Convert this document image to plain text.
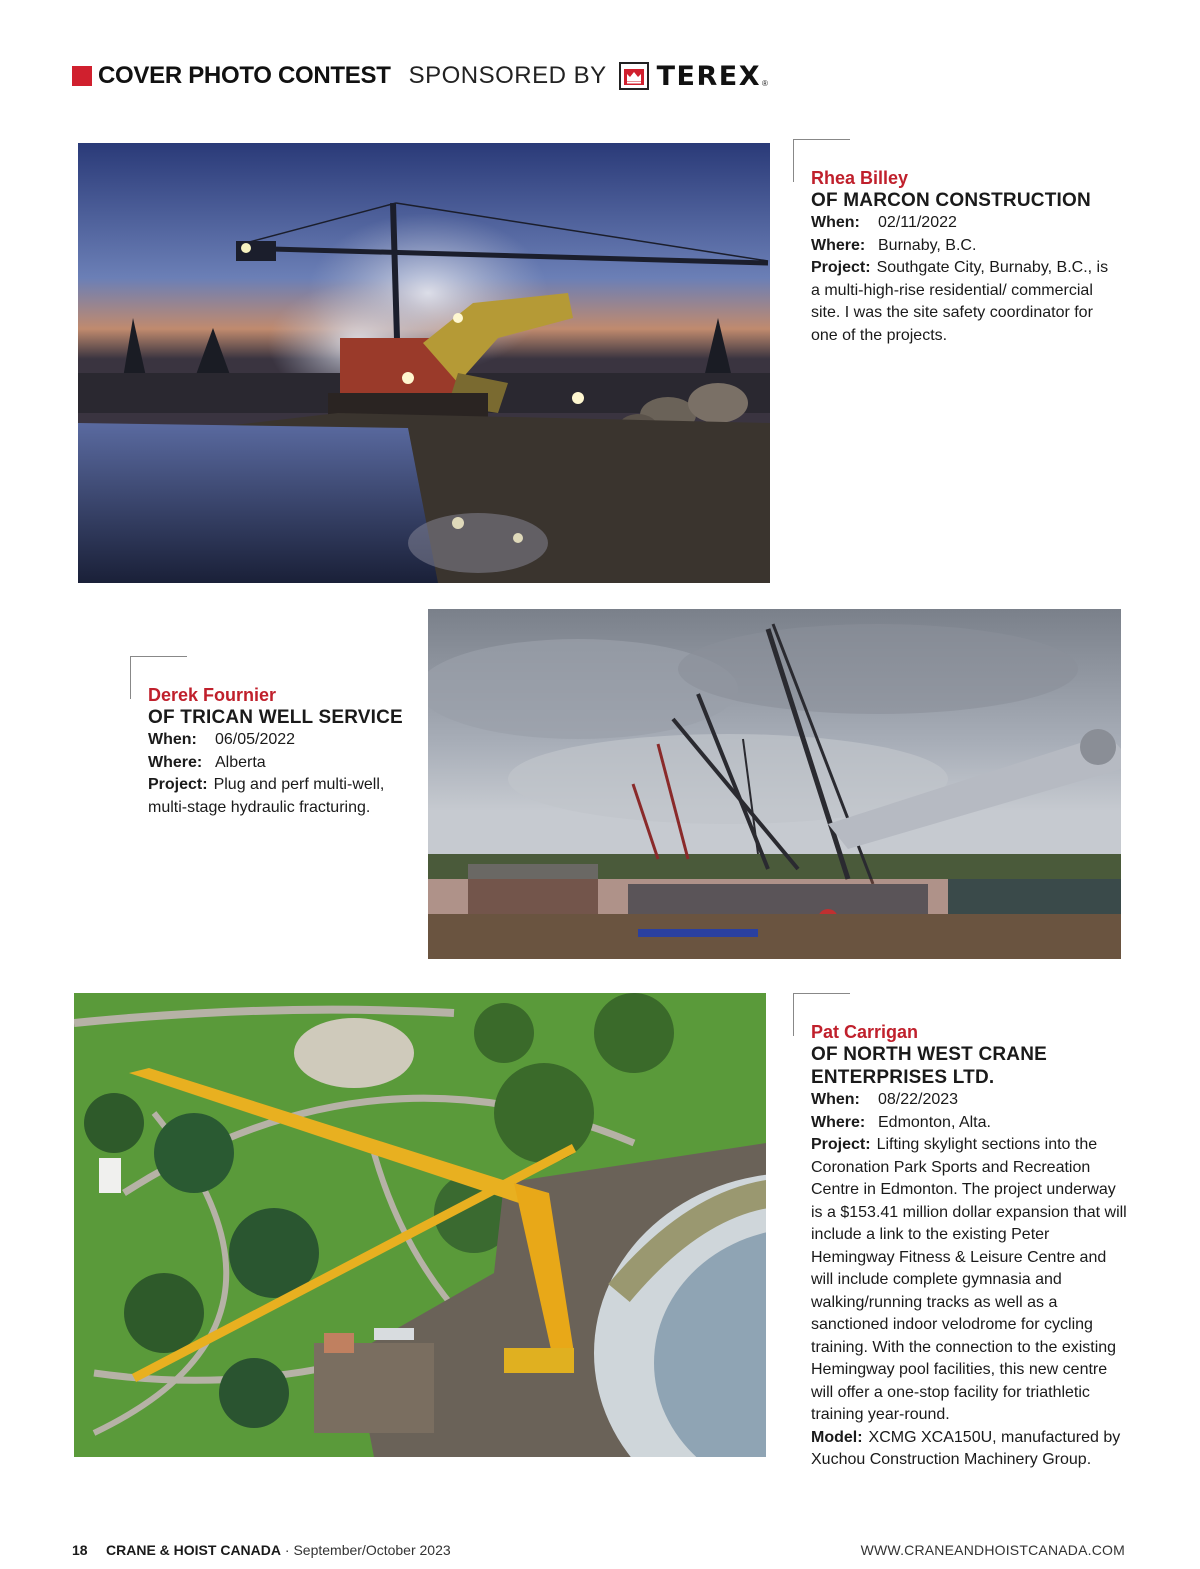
COVER PHOTO CONTEST SPONSORED BY TEREX ®
Rhea Billey
OF MARCON CONSTRUCTION
When: 02/11/2022
Where: Burnaby, B.C.
Project: Southgate City, Burnaby, B.C., is a multi-high-rise residential/ commercial site. I was the site safety coordinator for one of the projects.
Derek Fournier
OF TRICAN WELL SERVICE
When: 06/05/2022
Where: Alberta
Project: Plug and perf multi-well, multi-stage hydraulic fracturing.
Pat Carrigan
OF NORTH WEST CRANE ENTERPRISES LTD.
When: 08/22/2023
Where: Edmonton, Alta.
Project: Lifting skylight sections into the Coronation Park Sports and Recreation Centre in Edmonton. The project underway is a $153.41 million dollar expansion that will include a link to the existing Peter Hemingway Fitness & Leisure Centre and will include complete gymnasia and walking/running tracks as well as a sanctioned indoor velodrome for cycling training. With the connection to the existing Hemingway pool facilities, this new centre will offer a one-stop facility for triathletic training year-round.
Model: XCMG XCA150U, manufactured by Xuchou Construction Machinery Group.
18 CRANE & HOIST CANADA · September/October 2023	WWW.CRANEANDHOISTCANADA.COM
